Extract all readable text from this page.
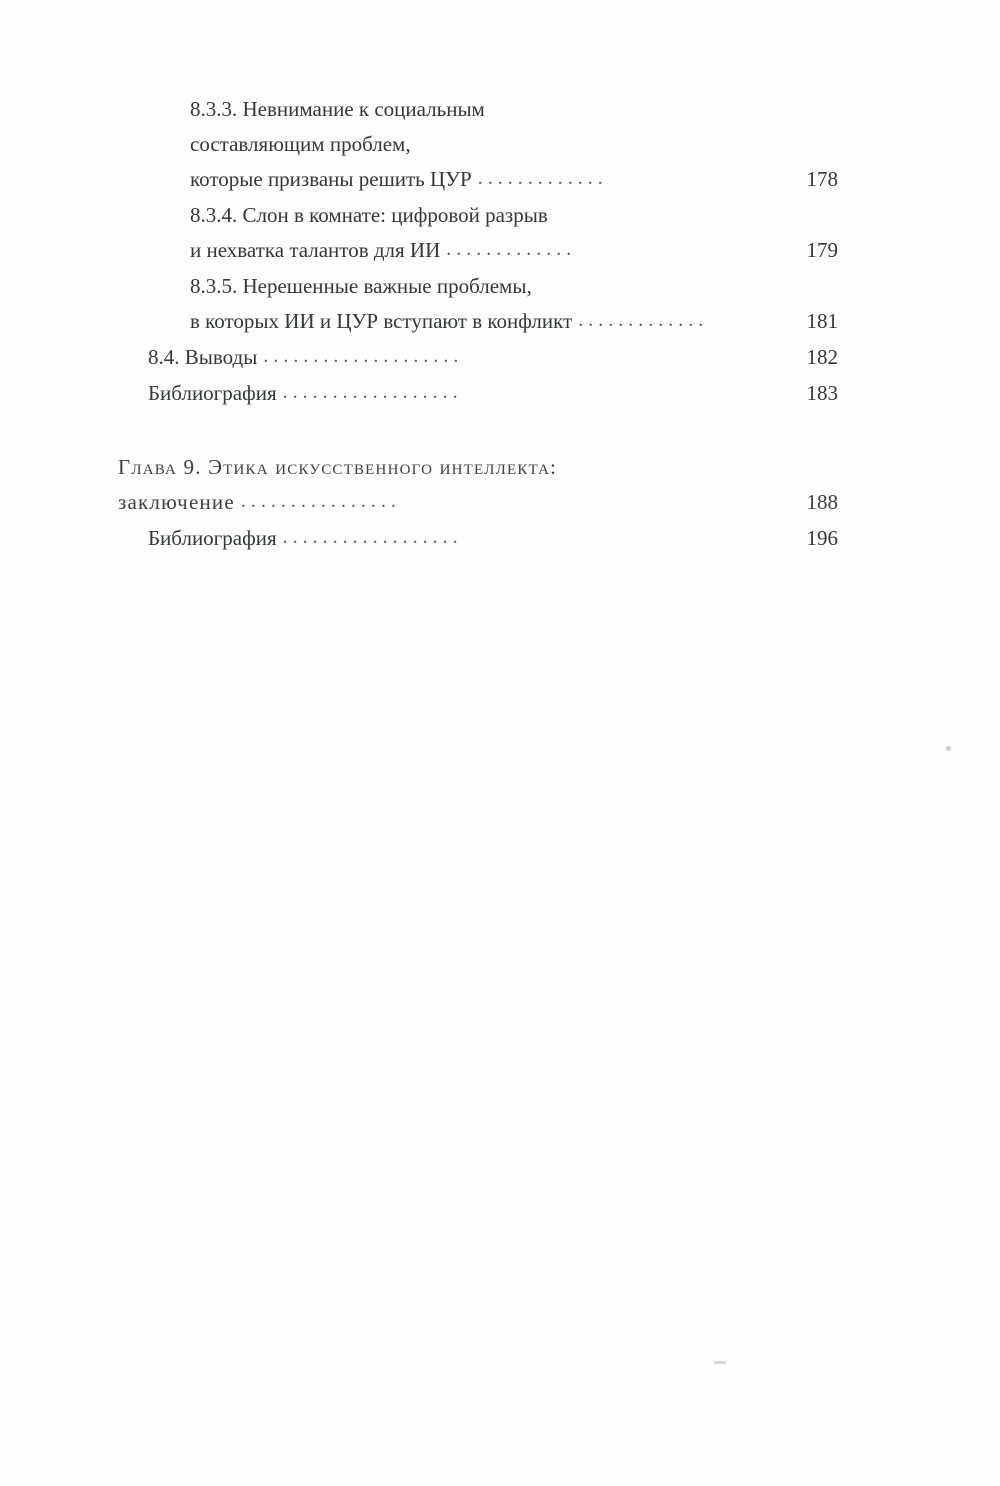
8.3.3. Невнимание к социальным
составляющим проблем,
которые призваны решить ЦУР . . . . . . . . . . . . .	178
8.3.4. Слон в комнате: цифровой разрыв
и нехватка талантов для ИИ . . . . . . . . . . . . .	179
8.3.5. Нерешенные важные проблемы,
в которых ИИ и ЦУР вступают в конфликт . . . . . . . . . . . . .	181
8.4. Выводы . . . . . . . . . . . . . . . . . . . .	182
Библиография . . . . . . . . . . . . . . . . . .	183
Глава 9. Этика искусственного интеллекта:
заключение . . . . . . . . . . . . . . . .	188
Библиография . . . . . . . . . . . . . . . . . .	196
